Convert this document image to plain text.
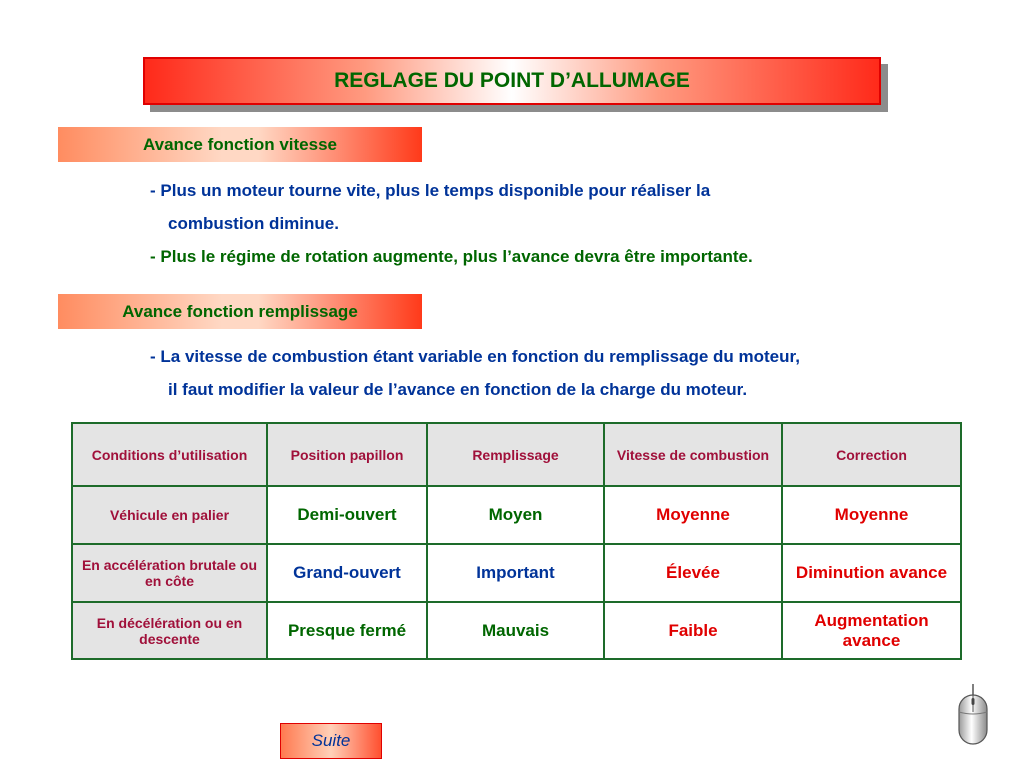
REGLAGE DU POINT D’ALLUMAGE
Avance fonction vitesse
- Plus un moteur tourne vite, plus le temps disponible pour réaliser la
combustion diminue.
- Plus le régime de rotation augmente, plus l’avance devra être importante.
Avance fonction remplissage
- La vitesse de combustion étant variable en fonction du remplissage du moteur,
il faut modifier la valeur de l’avance en fonction de la charge du moteur.
Conditions d’utilisation	Position papillon	Remplissage	Vitesse de combustion	Correction
Véhicule en palier	Demi-ouvert	Moyen	Moyenne	Moyenne
En accélération brutale ou en côte	Grand-ouvert	Important	Élevée	Diminution avance
En décélération ou en descente	Presque fermé	Mauvais	Faible	Augmentation avance
Suite
